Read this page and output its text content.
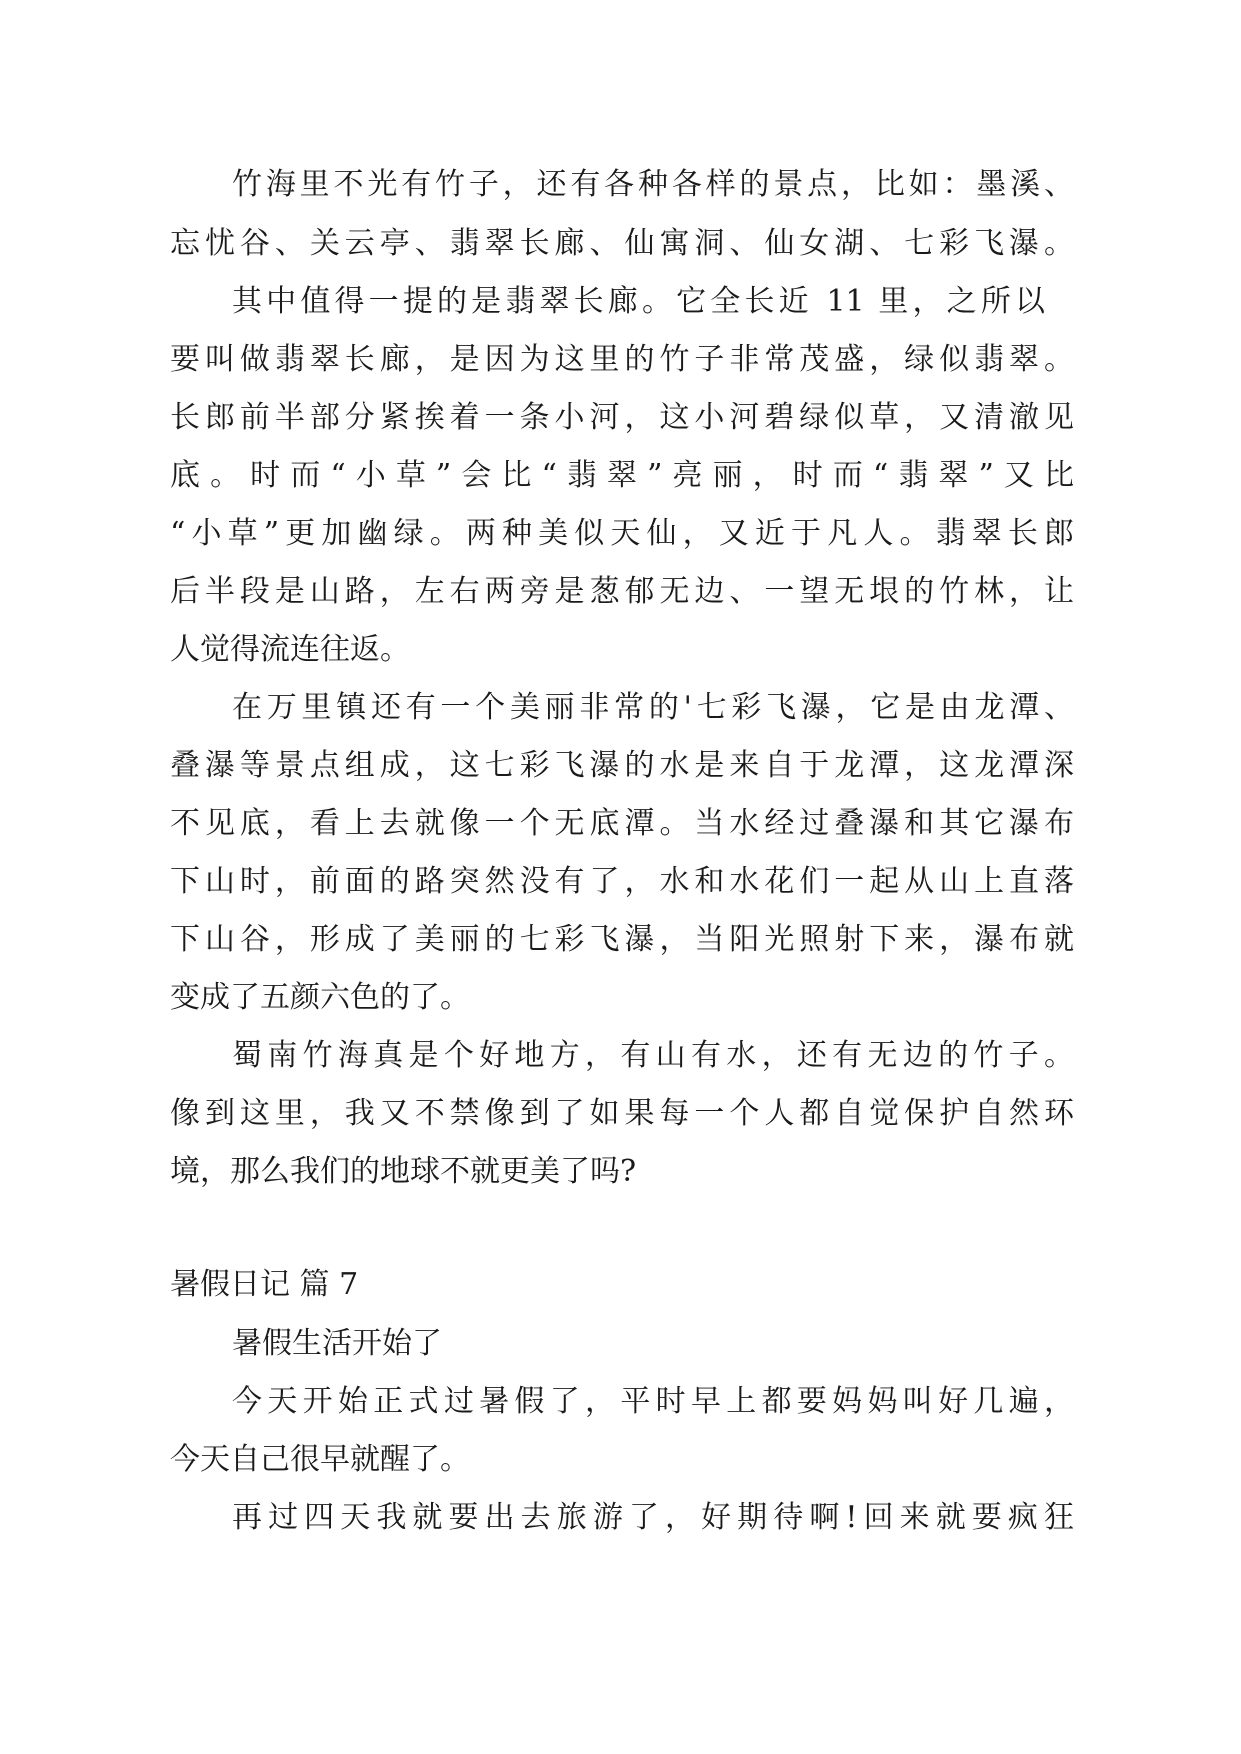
竹海里不光有竹子，还有各种各样的景点，比如：墨溪、

忘忧谷、关云亭、翡翠长廊、仙寓洞、仙女湖、七彩飞瀑。

其中值得一提的是翡翠长廊。它全长近 11 里，之所以

要叫做翡翠长廊，是因为这里的竹子非常茂盛，绿似翡翠。

长郎前半部分紧挨着一条小河，这小河碧绿似草，又清澈见

底。时而“小草”会比“翡翠”亮丽，时而“翡翠”又比

“小草”更加幽绿。两种美似天仙，又近于凡人。翡翠长郎

后半段是山路，左右两旁是葱郁无边、一望无垠的竹林，让

人觉得流连往返。

在万里镇还有一个美丽非常的'七彩飞瀑，它是由龙潭、

叠瀑等景点组成，这七彩飞瀑的水是来自于龙潭，这龙潭深

不见底，看上去就像一个无底潭。当水经过叠瀑和其它瀑布

下山时，前面的路突然没有了，水和水花们一起从山上直落

下山谷，形成了美丽的七彩飞瀑，当阳光照射下来，瀑布就

变成了五颜六色的了。

蜀南竹海真是个好地方，有山有水，还有无边的竹子。

像到这里，我又不禁像到了如果每一个人都自觉保护自然环

境，那么我们的地球不就更美了吗?

暑假日记 篇 7

暑假生活开始了

今天开始正式过暑假了，平时早上都要妈妈叫好几遍，

今天自己很早就醒了。

再过四天我就要出去旅游了，好期待啊!回来就要疯狂
